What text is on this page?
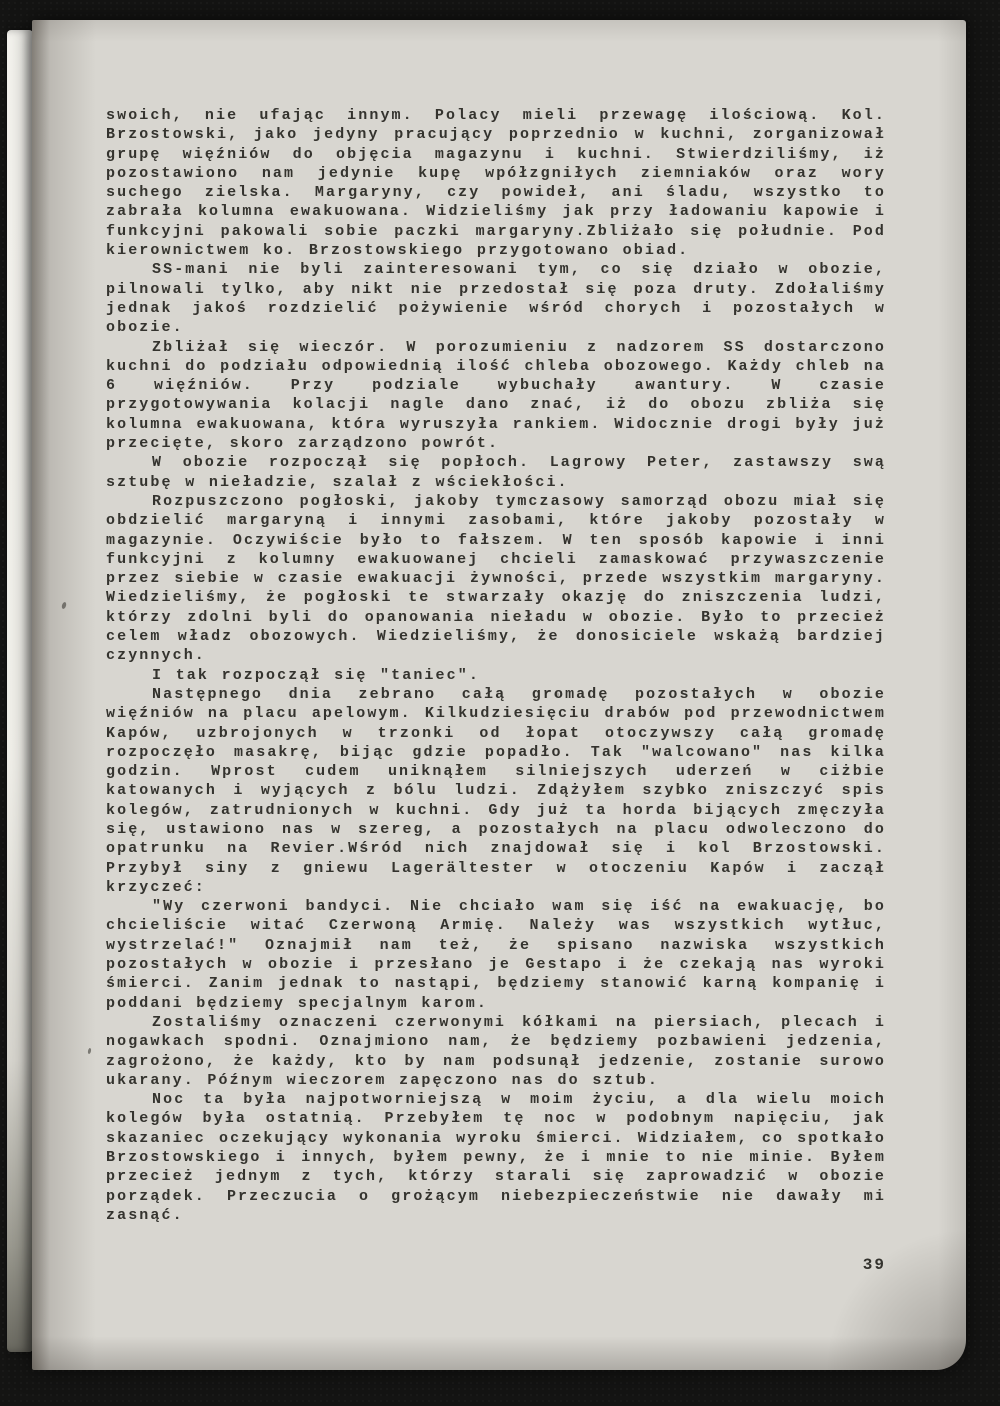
swoich, nie ufając innym. Polacy mieli przewagę ilościową. Kol. Brzostowski, jako jedyny pracujący poprzednio w kuchni, zorganizował grupę więźniów do objęcia magazynu i kuchni. Stwierdziliśmy, iż pozostawiono nam jedynie kupę wpółzgniłych ziemniaków oraz wory suchego zielska. Margaryny, czy powideł, ani śladu, wszystko to zabrała kolumna ewakuowana. Widzieliśmy jak przy ładowaniu kapowie i funkcyjni pakowali sobie paczki margaryny.Zbliżało się południe. Pod kierownictwem ko. Brzostowskiego przygotowano obiad.

SS-mani nie byli zainteresowani tym, co się działo w obozie, pilnowali tylko, aby nikt nie przedostał się poza druty. Zdołaliśmy jednak jakoś rozdzielić pożywienie wśród chorych i pozostałych w obozie.

Zbliżał się wieczór. W porozumieniu z nadzorem SS dostarczono kuchni do podziału odpowiednią ilość chleba obozowego. Każdy chleb na 6 więźniów. Przy podziale wybuchały awantury. W czasie przygotowywania kolacji nagle dano znać, iż do obozu zbliża się kolumna ewakuowana, która wyruszyła rankiem. Widocznie drogi były już przecięte, skoro zarządzono powrót.

W obozie rozpoczął się popłoch. Lagrowy Peter, zastawszy swą sztubę w nieładzie, szalał z wściekłości.

Rozpuszczono pogłoski, jakoby tymczasowy samorząd obozu miał się obdzielić margaryną i innymi zasobami, które jakoby pozostały w magazynie. Oczywiście było to fałszem. W ten sposób kapowie i inni funkcyjni z kolumny ewakuowanej chcieli zamaskować przywaszczenie przez siebie w czasie ewakuacji żywności, przede wszystkim margaryny. Wiedzieliśmy, że pogłoski te stwarzały okazję do zniszczenia ludzi, którzy zdolni byli do opanowania nieładu w obozie. Było to przecież celem władz obozowych. Wiedzieliśmy, że donosiciele wskażą bardziej czynnych.

I tak rozpoczął się "taniec".

Następnego dnia zebrano całą gromadę pozostałych w obozie więźniów na placu apelowym. Kilkudziesięciu drabów pod przewodnictwem Kapów, uzbrojonych w trzonki od łopat otoczywszy całą gromadę rozpoczęło masakrę, bijąc gdzie popadło. Tak "walcowano" nas kilka godzin. Wprost cudem uniknąłem silniejszych uderzeń w ciżbie katowanych i wyjących z bólu ludzi. Zdążyłem szybko zniszczyć spis kolegów, zatrudnionych w kuchni. Gdy już ta horda bijących zmęczyła się, ustawiono nas w szereg, a pozostałych na placu odwoleczono do opatrunku na Revier.Wśród nich znajdował się i kol Brzostowski. Przybył siny z gniewu Lagerältester w otoczeniu Kapów i zaczął krzyczeć:

"Wy czerwoni bandyci. Nie chciało wam się iść na ewakuację, bo chcieliście witać Czerwoną Armię. Należy was wszystkich wytłuc, wystrzelać!" Oznajmił nam też, że spisano nazwiska wszystkich pozostałych w obozie i przesłano je Gestapo i że czekają nas wyroki śmierci. Zanim jednak to nastąpi, będziemy stanowić karną kompanię i poddani będziemy specjalnym karom.

Zostaliśmy oznaczeni czerwonymi kółkami na piersiach, plecach i nogawkach spodni. Oznajmiono nam, że będziemy pozbawieni jedzenia, zagrożono, że każdy, kto by nam podsunął jedzenie, zostanie surowo ukarany. Późnym wieczorem zapęczono nas do sztub.

Noc ta była najpotworniejszą w moim życiu, a dla wielu moich kolegów była ostatnią. Przebyłem tę noc w podobnym napięciu, jak skazaniec oczekujący wykonania wyroku śmierci. Widziałem, co spotkało Brzostowskiego i innych, byłem pewny, że i mnie to nie minie. Byłem przecież jednym z tych, którzy starali się zaprowadzić w obozie porządek. Przeczucia o grożącym niebezpieczeństwie nie dawały mi zasnąć.

39
